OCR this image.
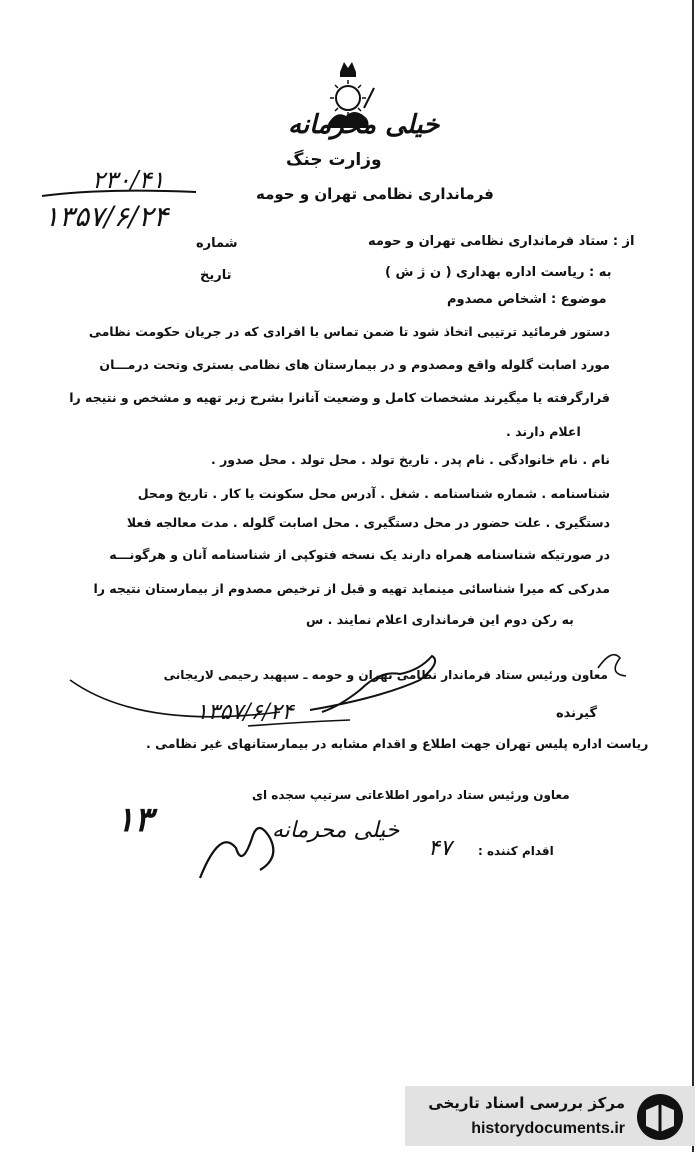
خیلی محرمانه
وزارت جنگ
فرمانداری نظامی تهران و حومه
۲۳۰/۴۱
۱۳۵۷/۶/۲۴
شماره
تاریخ
از : ستاد فرمانداری نظامی تهران و حومه
به : ریاست اداره بهداری ( ن ژ ش )
موضوع : اشخاص مصدوم
دستور فرمائید ترتیبی اتخاذ شود تا ضمن تماس با افرادی که در جریان حکومت نظامی
مورد اصابت گلوله واقع ومصدوم و در بیمارستان های نظامی بستری وتحت درمـــان
قرارگرفته یا میگیرند مشخصات کامل و وضعیت آنانرا بشرح زیر تهیه و مشخص و نتیجه را
اعلام دارند .
نام . نام خانوادگی . نام پدر . تاریخ تولد . محل تولد . محل صدور .
شناسنامه . شماره شناسنامه . شغل . آدرس محل سکونت یا کار . تاریخ ومحل
دستگیری . علت حضور در محل دستگیری . محل اصابت گلوله . مدت معالجه فعلا
در صورتیکه شناسنامه همراه دارند یک نسخه فتوکپی از شناسنامه آنان و هرگونـــه
مدرکی که میرا شناسائی مینماید تهیه و قبل از ترخیص مصدوم از بیمارستان نتیجه را
به رکن دوم این فرمانداری اعلام نمایند . س
معاون ورئیس ستاد فرماندار نظامی تهران و حومه ـ سپهبد رحیمی لاریجانی
۱۳۵۷/۶/۲۴	گیرنده
ریاست اداره پلیس تهران جهت اطلاع و اقدام مشابه در بیمارستانهای غیر نظامی .
معاون ورئیس ستاد درامور اطلاعاتی سرتیپ سجده ای
۱۳	خیلی محرمانه
۴۷ اقدام کننده :
مرکز بررسی اسناد تاریخی
historydocuments.ir
